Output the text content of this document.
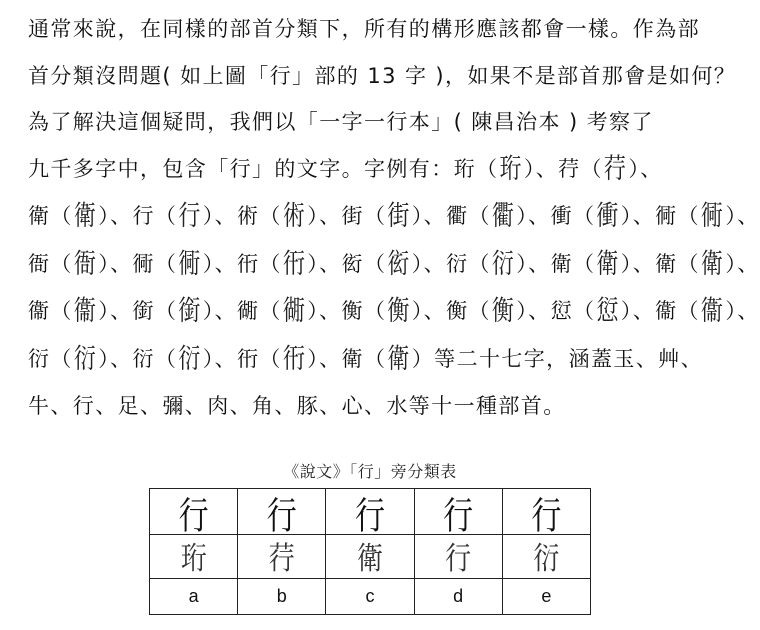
通常來說，在同樣的部首分類下，所有的構形應該都會一樣。作為部
首分類沒問題( 如上圖「行」部的 13 字 )，如果不是部首那會是如何？
為了解決這個疑問，我們以「一字一行本」( 陳昌治本 ) 考察了
九千多字中，包含「行」的文字。字例有：珩（珩）、荇（荇）、
衛（衛）、行（行）、術（術）、街（街）、衢（衢）、衝（衝）、衕（衕）、
衙（衙）、衕（衕）、衎（衎）、衒（衒）、衍（衍）、衛（衛）、衛（衛）、
衞（衞）、銜（銜）、衚（衚）、衡（衡）、衡（衡）、愆（愆）、衞（衞）、
衍（衍）、衍（衍）、衎（衎）、衛（衛）等二十七字，涵蓋玉、艸、
牛、行、足、彌、肉、角、豚、心、水等十一種部首。
《說文》「行」旁分類表
行	行	行	行	行
珩	荇	衛	行	衍
a	b	c	d	e
